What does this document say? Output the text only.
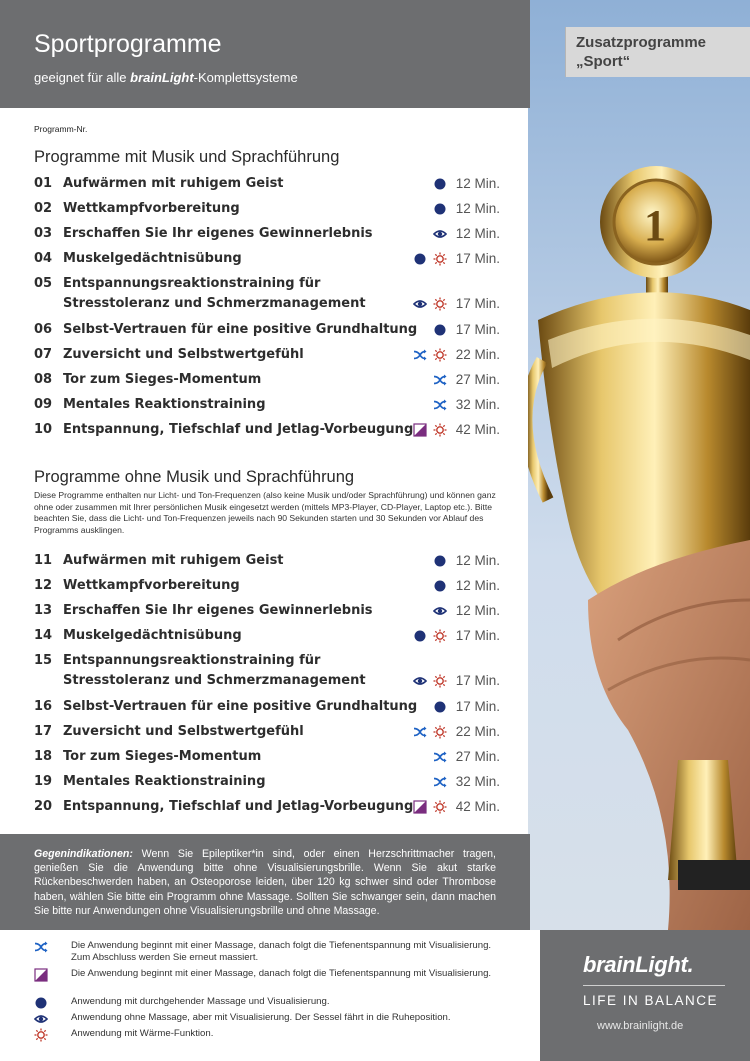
1
Zusatzprogramme
„Sport“
Sportprogramme
geeignet für alle brainLight-Komplettsysteme
Programm-Nr.
Programme mit Musik und Sprachführung
01 Aufwärmen mit ruhigem Geist	12 Min.
02 Wettkampfvorbereitung	12 Min.
03 Erschaffen Sie Ihr eigenes Gewinnerlebnis	12 Min.
04 Muskelgedächtnisübung	17 Min.
05 Entspannungsreaktionstraining für
Stresstoleranz und Schmerzmanagement	17 Min.
06 Selbst-Vertrauen für eine positive Grundhaltung	17 Min.
07 Zuversicht und Selbstwertgefühl	22 Min.
08 Tor zum Sieges-Momentum	27 Min.
09 Mentales Reaktionstraining	32 Min.
10 Entspannung, Tiefschlaf und Jetlag-Vorbeugung	42 Min.
Programme ohne Musik und Sprachführung
Diese Programme enthalten nur Licht- und Ton-Frequenzen (also keine Musik und/oder Sprachführung) und können ganz ohne oder zusammen mit Ihrer persönlichen Musik eingesetzt werden (mittels MP3-Player, CD-Player, Laptop etc.). Bitte beachten Sie, dass die Licht- und Ton-Frequenzen jeweils nach 90 Sekunden starten und 30 Sekunden vor Ablauf des Programms ausklingen.
11 Aufwärmen mit ruhigem Geist	12 Min.
12 Wettkampfvorbereitung	12 Min.
13 Erschaffen Sie Ihr eigenes Gewinnerlebnis	12 Min.
14 Muskelgedächtnisübung	17 Min.
15 Entspannungsreaktionstraining für
Stresstoleranz und Schmerzmanagement	17 Min.
16 Selbst-Vertrauen für eine positive Grundhaltung	17 Min.
17 Zuversicht und Selbstwertgefühl	22 Min.
18 Tor zum Sieges-Momentum	27 Min.
19 Mentales Reaktionstraining	32 Min.
20 Entspannung, Tiefschlaf und Jetlag-Vorbeugung	42 Min.

Gegenindikationen: Wenn Sie Epileptiker*in sind, oder einen Herzschrittmacher tragen, genießen Sie die Anwendung bitte ohne Visualisierungsbrille. Wenn Sie akut starke Rückenbeschwerden haben, an Osteoporose leiden, über 120 kg schwer sind oder Thrombose haben, wählen Sie bitte ein Programm ohne Massage. Sollten Sie schwanger sein, dann machen Sie bitte nur Anwendungen ohne Visualisierungsbrille und ohne Massage.

Die Anwendung beginnt mit einer Massage, danach folgt die Tiefenentspannung mit Visualisierung. Zum Abschluss werden Sie erneut massiert.
Die Anwendung beginnt mit einer Massage, danach folgt die Tiefenentspannung mit Visualisierung.
Anwendung mit durchgehender Massage und Visualisierung.
Anwendung ohne Massage, aber mit Visualisierung. Der Sessel fährt in die Ruheposition.
Anwendung mit Wärme-Funktion.
brainLight.
LIFE IN BALANCE
www.brainlight.de
